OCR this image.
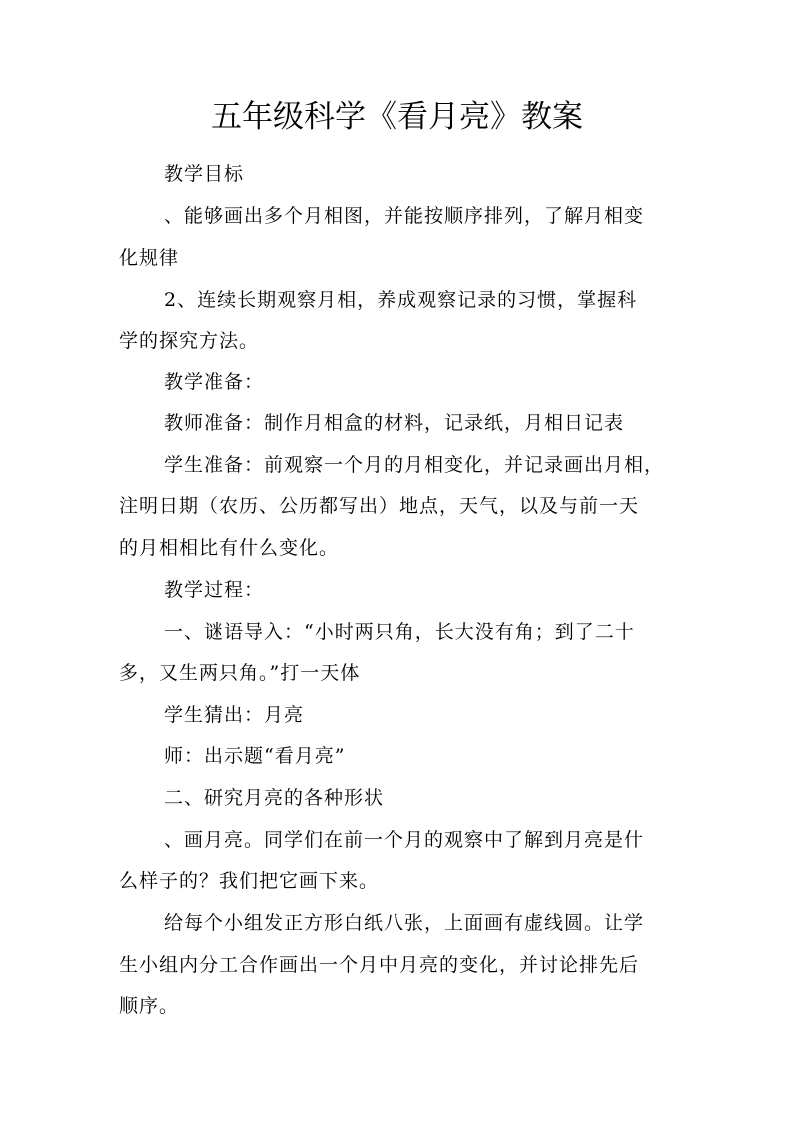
五年级科学《看月亮》教案
教学目标
、能够画出多个月相图，并能按顺序排列，了解月相变
化规律
2、连续长期观察月相，养成观察记录的习惯，掌握科
学的探究方法。
教学准备：
教师准备：制作月相盒的材料，记录纸，月相日记表
学生准备：前观察一个月的月相变化，并记录画出月相，
注明日期（农历、公历都写出）地点，天气，以及与前一天
的月相相比有什么变化。
教学过程：
一、谜语导入：“小时两只角，长大没有角；到了二十
多，又生两只角。”打一天体
学生猜出：月亮
师：出示题“看月亮”
二、研究月亮的各种形状
、画月亮。同学们在前一个月的观察中了解到月亮是什
么样子的？我们把它画下来。
给每个小组发正方形白纸八张，上面画有虚线圆。让学
生小组内分工合作画出一个月中月亮的变化，并讨论排先后
顺序。
